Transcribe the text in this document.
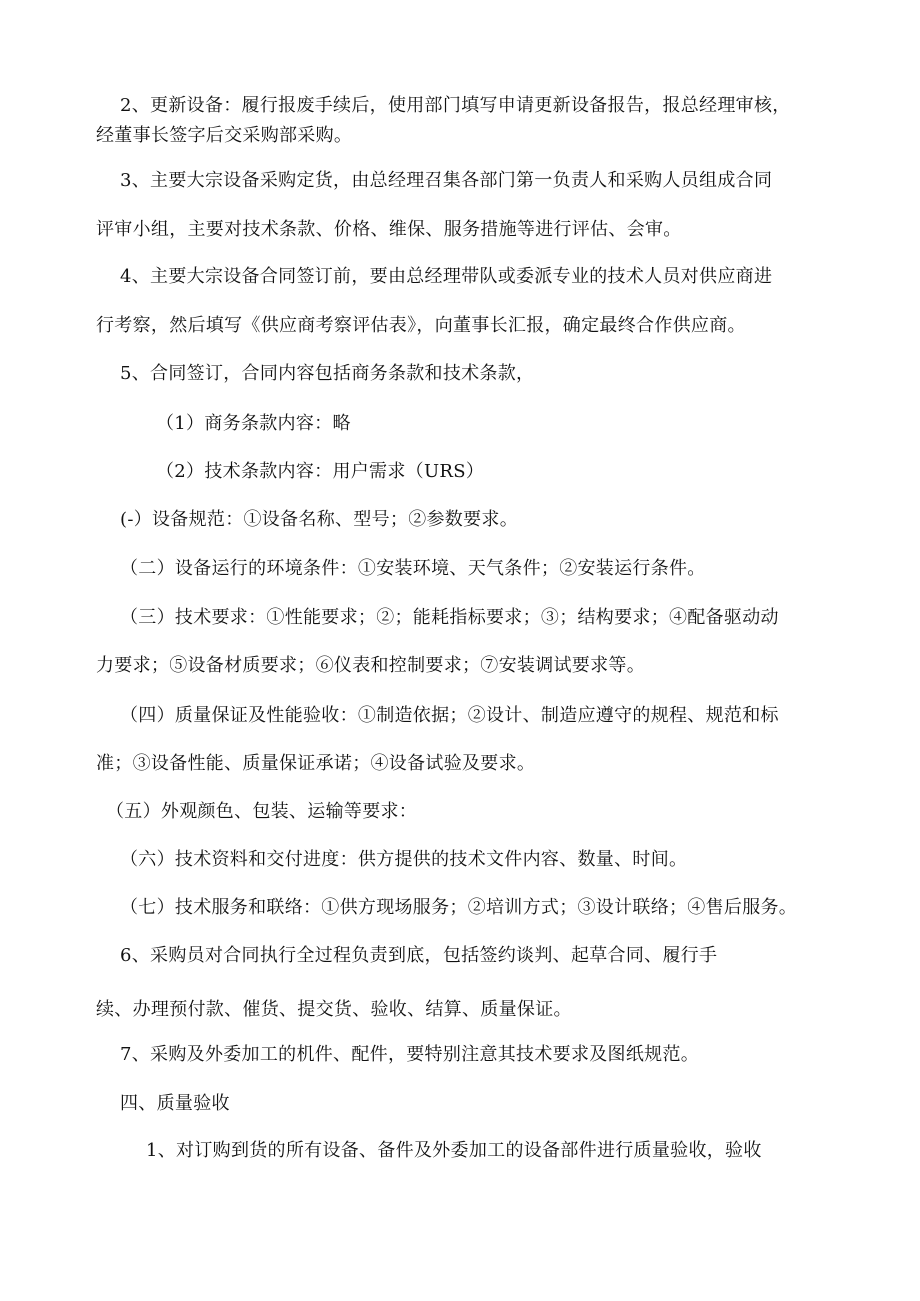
2、更新设备：履行报废手续后，使用部门填写申请更新设备报告，报总经理审核，
经董事长签字后交采购部采购。
3、主要大宗设备采购定货，由总经理召集各部门第一负责人和采购人员组成合同
评审小组，主要对技术条款、价格、维保、服务措施等进行评估、会审。
4、主要大宗设备合同签订前，要由总经理带队或委派专业的技术人员对供应商进
行考察，然后填写《供应商考察评估表》，向董事长汇报，确定最终合作供应商。
5、合同签订，合同内容包括商务条款和技术条款，
（1）商务条款内容：略
（2）技术条款内容：用户需求（URS）
(-）设备规范：①设备名称、型号；②参数要求。
（二）设备运行的环境条件：①安装环境、天气条件；②安装运行条件。
（三）技术要求：①性能要求；②；能耗指标要求；③；结构要求；④配备驱动动
力要求；⑤设备材质要求；⑥仪表和控制要求；⑦安装调试要求等。
（四）质量保证及性能验收：①制造依据；②设计、制造应遵守的规程、规范和标
准；③设备性能、质量保证承诺；④设备试验及要求。
（五）外观颜色、包装、运输等要求：
（六）技术资料和交付进度：供方提供的技术文件内容、数量、时间。
（七）技术服务和联络：①供方现场服务；②培训方式；③设计联络；④售后服务。
6、采购员对合同执行全过程负责到底，包括签约谈判、起草合同、履行手
续、办理预付款、催货、提交货、验收、结算、质量保证。
7、采购及外委加工的机件、配件，要特别注意其技术要求及图纸规范。
四、质量验收
1、对订购到货的所有设备、备件及外委加工的设备部件进行质量验收，验收
